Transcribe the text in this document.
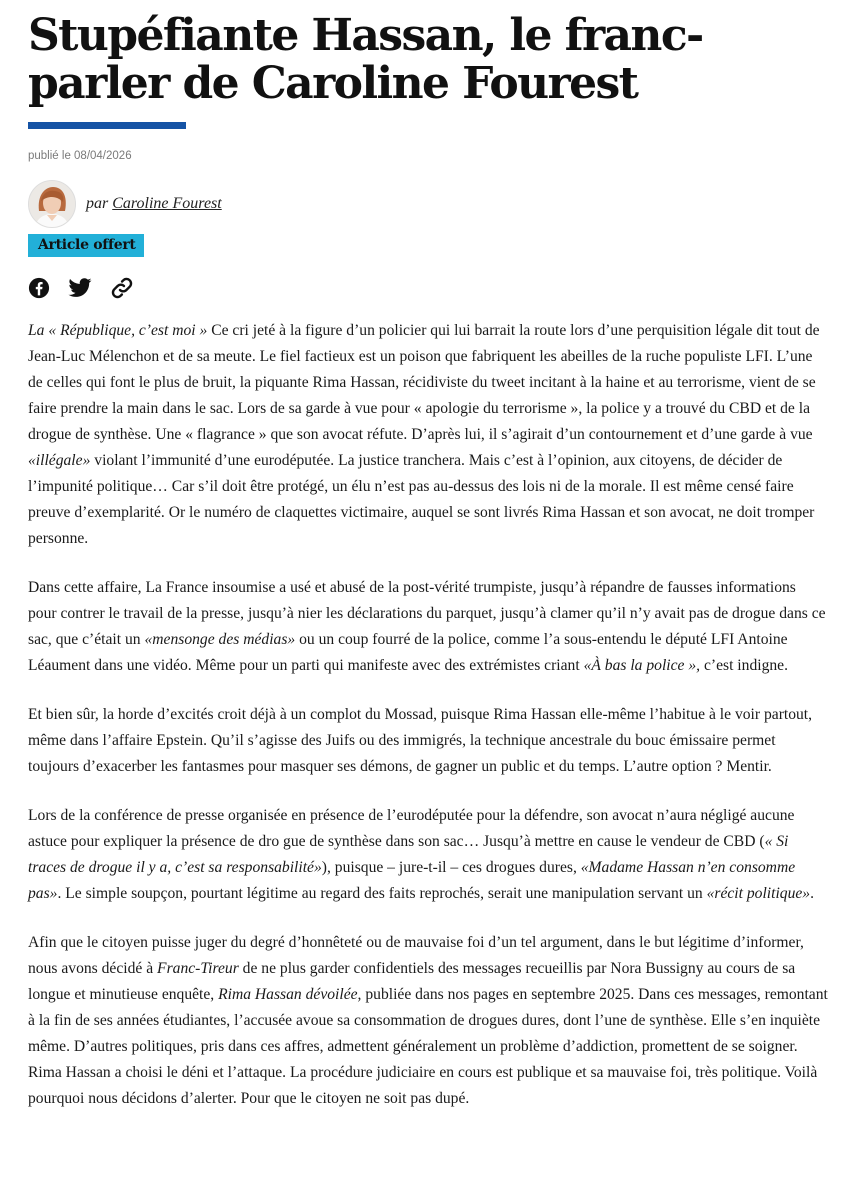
Stupéfiante Hassan, le franc-parler de Caroline Fourest
publié le 08/04/2026
par Caroline Fourest
Article offert

La « République, c’est moi » Ce cri jeté à la figure d’un policier qui lui barrait la route lors d’une perquisition légale dit tout de Jean-Luc Mélenchon et de sa meute. Le fiel factieux est un poison que fabriquent les abeilles de la ruche populiste LFI. L’une de celles qui font le plus de bruit, la piquante Rima Hassan, récidiviste du tweet incitant à la haine et au terrorisme, vient de se faire prendre la main dans le sac. Lors de sa garde à vue pour « apologie du terrorisme », la police y a trouvé du CBD et de la drogue de synthèse. Une « flagrance » que son avocat réfute. D’après lui, il s’agirait d’un contournement et d’une garde à vue «illégale» violant l’immunité d’une eurodéputée. La justice tranchera. Mais c’est à l’opinion, aux citoyens, de décider de l’impunité politique… Car s’il doit être protégé, un élu n’est pas au-dessus des lois ni de la morale. Il est même censé faire preuve d’exemplarité. Or le numéro de claquettes victimaire, auquel se sont livrés Rima Hassan et son avocat, ne doit tromper personne.

Dans cette affaire, La France insoumise a usé et abusé de la post-vérité trumpiste, jusqu’à répandre de fausses informations pour contrer le travail de la presse, jusqu’à nier les déclarations du parquet, jusqu’à clamer qu’il n’y avait pas de drogue dans ce sac, que c’était un «mensonge des médias» ou un coup fourré de la police, comme l’a sous-entendu le député LFI Antoine Léaument dans une vidéo. Même pour un parti qui manifeste avec des extrémistes criant «À bas la police », c’est indigne.

Et bien sûr, la horde d’excités croit déjà à un complot du Mossad, puisque Rima Hassan elle-même l’habitue à le voir partout, même dans l’affaire Epstein. Qu’il s’agisse des Juifs ou des immigrés, la technique ancestrale du bouc émissaire permet toujours d’exacerber les fantasmes pour masquer ses démons, de gagner un public et du temps. L’autre option ? Mentir.

Lors de la conférence de presse organisée en présence de l’eurodéputée pour la défendre, son avocat n’aura négligé aucune astuce pour expliquer la présence de dro gue de synthèse dans son sac… Jusqu’à mettre en cause le vendeur de CBD (« Si traces de drogue il y a, c’est sa responsabilité»), puisque – jure-t-il – ces drogues dures, «Madame Hassan n’en consomme pas». Le simple soupçon, pourtant légitime au regard des faits reprochés, serait une manipulation servant un «récit politique».

Afin que le citoyen puisse juger du degré d’honnêteté ou de mauvaise foi d’un tel argument, dans le but légitime d’informer, nous avons décidé à Franc-Tireur de ne plus garder confidentiels des messages recueillis par Nora Bussigny au cours de sa longue et minutieuse enquête, Rima Hassan dévoilée, publiée dans nos pages en septembre 2025. Dans ces messages, remontant à la fin de ses années étudiantes, l’accusée avoue sa consommation de drogues dures, dont l’une de synthèse. Elle s’en inquiète même. D’autres politiques, pris dans ces affres, admettent généralement un problème d’addiction, promettent de se soigner. Rima Hassan a choisi le déni et l’attaque. La procédure judiciaire en cours est publique et sa mauvaise foi, très politique. Voilà pourquoi nous décidons d’alerter. Pour que le citoyen ne soit pas dupé.
